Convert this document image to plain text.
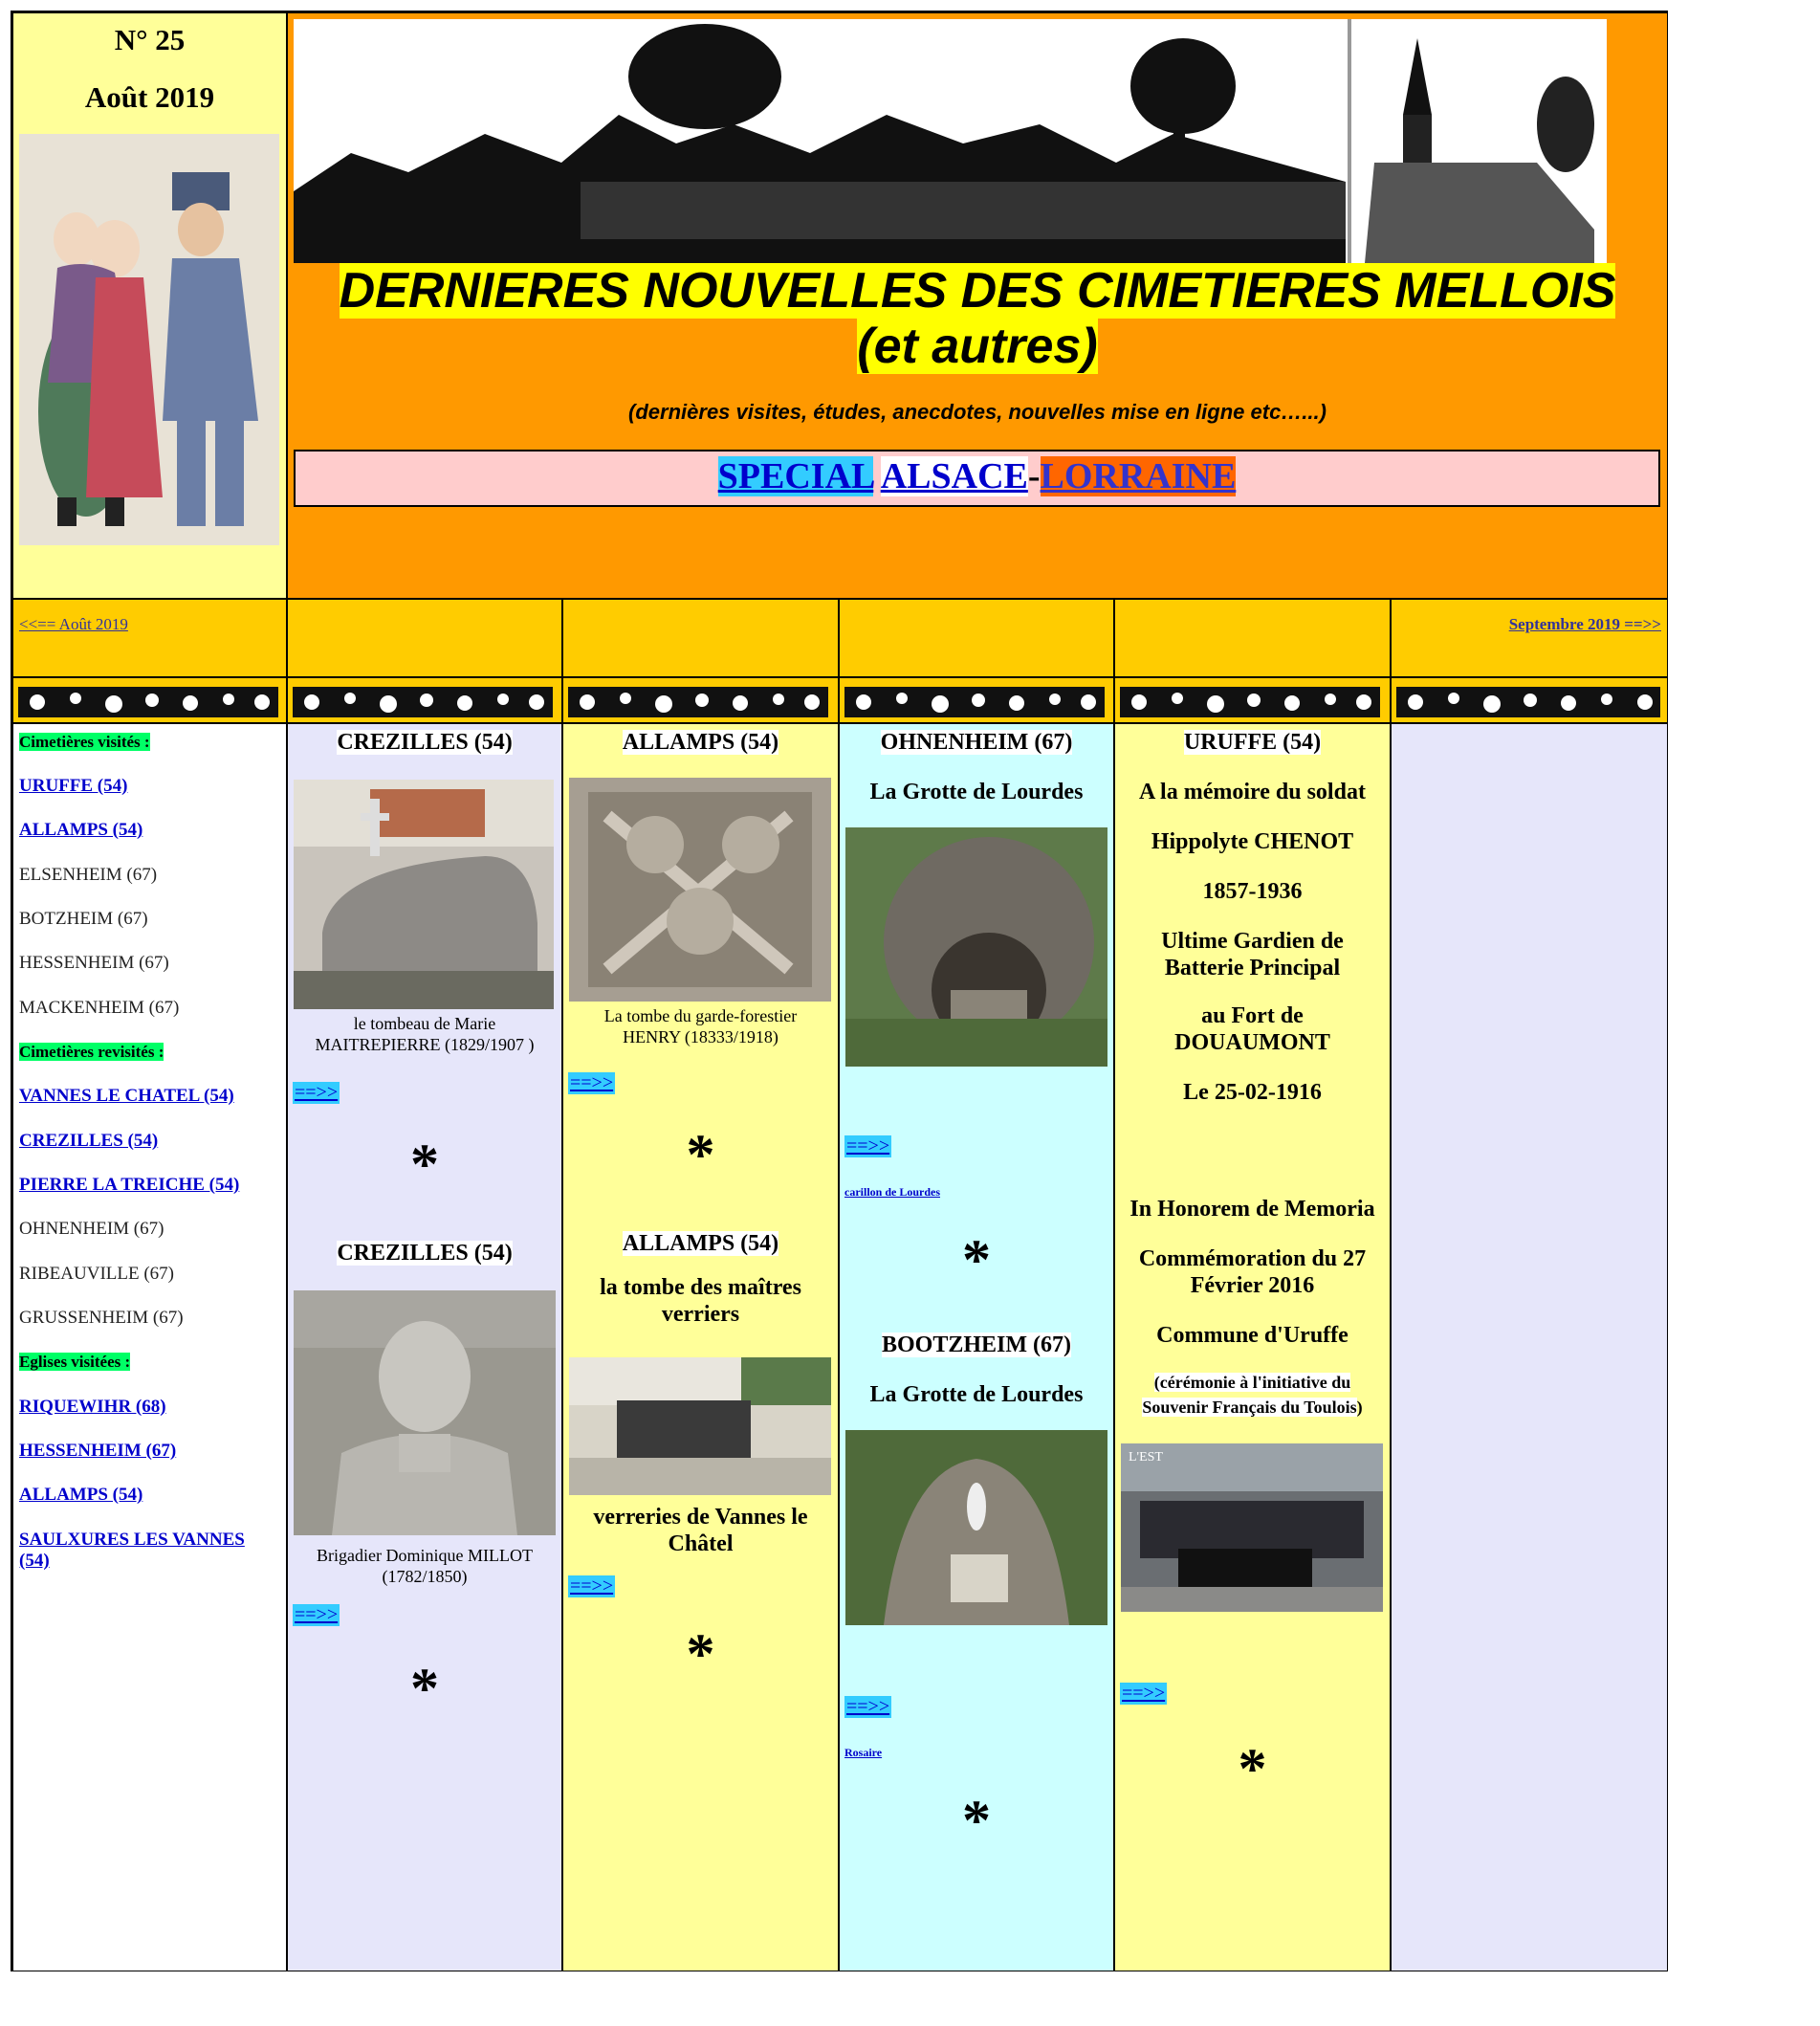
N° 25
Août 2019
DERNIERES NOUVELLES DES CIMETIERES MELLOIS
(et autres)
(dernières visites, études, anecdotes, nouvelles mise en ligne etc…...)
SPECIAL ALSACE-LORRAINE
<<== Août 2019	Septembre 2019 ==>>
Cimetières visités :
URUFFE (54)
ALLAMPS (54)
ELSENHEIM (67)
BOTZHEIM (67)
HESSENHEIM (67)
MACKENHEIM (67)
Cimetières revisités :
VANNES LE CHATEL (54)
CREZILLES (54)
PIERRE LA TREICHE (54)
OHNENHEIM (67)
RIBEAUVILLE (67)
GRUSSENHEIM (67)
Eglises visitées :
RIQUEWIHR (68)
HESSENHEIM (67)
ALLAMPS (54)
SAULXURES LES VANNES
(54)
CREZILLES (54)
le tombeau de Marie
MAITREPIERRE (1829/1907 )
==>>
*
CREZILLES (54)
Brigadier Dominique MILLOT
(1782/1850)
==>>
*
ALLAMPS (54)
La tombe du garde-forestier
HENRY (18333/1918)
==>>
*
ALLAMPS (54)
la tombe des maîtres
verriers
verreries de Vannes le
Châtel
==>>
*
OHNENHEIM (67)
La Grotte de Lourdes
==>>
carillon de Lourdes
*
BOOTZHEIM (67)
La Grotte de Lourdes
==>>
Rosaire
*
URUFFE (54)
A la mémoire du soldat
Hippolyte CHENOT
1857-1936
Ultime Gardien de
Batterie Principal
au Fort de
DOUAUMONT
Le 25-02-1916
In Honorem de Memoria
Commémoration du 27
Février 2016
Commune d'Uruffe
(cérémonie à l'initiative du
Souvenir Français du Toulois)
L'EST
==>>
*
